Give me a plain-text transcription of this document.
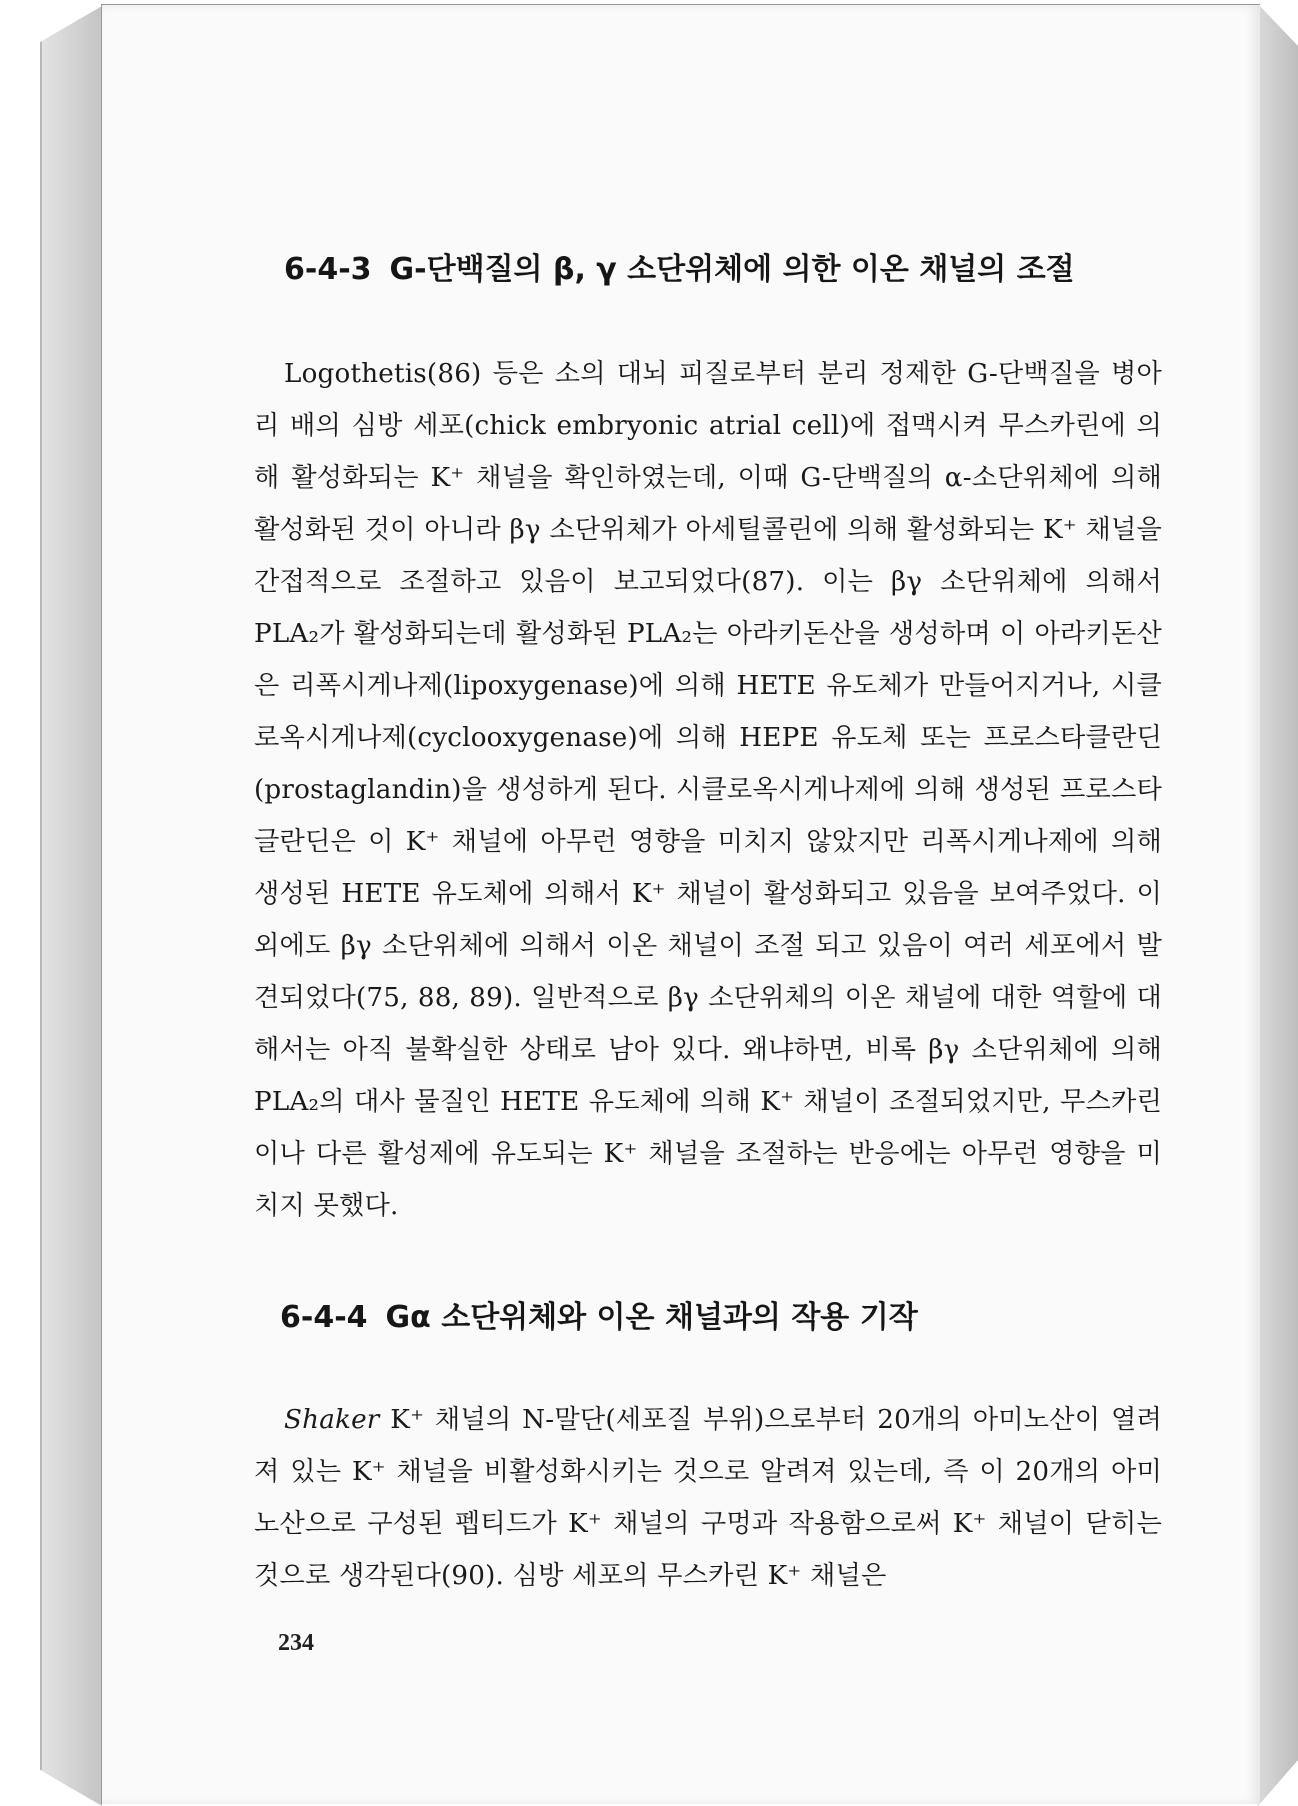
6-4-3 G-단백질의 β, γ 소단위체에 의한 이온 채널의 조절

Logothetis(86) 등은 소의 대뇌 피질로부터 분리 정제한 G-단백질을 병아리 배의 심방 세포(chick embryonic atrial cell)에 접맥시켜 무스카린에 의해 활성화되는 K⁺ 채널을 확인하였는데, 이때 G-단백질의 α-소단위체에 의해 활성화된 것이 아니라 βγ 소단위체가 아세틸콜린에 의해 활성화되는 K⁺ 채널을 간접적으로 조절하고 있음이 보고되었다(87). 이는 βγ 소단위체에 의해서 PLA₂가 활성화되는데 활성화된 PLA₂는 아라키돈산을 생성하며 이 아라키돈산은 리폭시게나제(lipoxygenase)에 의해 HETE 유도체가 만들어지거나, 시클로옥시게나제(cyclooxygenase)에 의해 HEPE 유도체 또는 프로스타클란딘(prostaglandin)을 생성하게 된다. 시클로옥시게나제에 의해 생성된 프로스타글란딘은 이 K⁺ 채널에 아무런 영향을 미치지 않았지만 리폭시게나제에 의해 생성된 HETE 유도체에 의해서 K⁺ 채널이 활성화되고 있음을 보여주었다. 이외에도 βγ 소단위체에 의해서 이온 채널이 조절 되고 있음이 여러 세포에서 발견되었다(75, 88, 89). 일반적으로 βγ 소단위체의 이온 채널에 대한 역할에 대해서는 아직 불확실한 상태로 남아 있다. 왜냐하면, 비록 βγ 소단위체에 의해 PLA₂의 대사 물질인 HETE 유도체에 의해 K⁺ 채널이 조절되었지만, 무스카린이나 다른 활성제에 유도되는 K⁺ 채널을 조절하는 반응에는 아무런 영향을 미치지 못했다.

6-4-4 Gα 소단위체와 이온 채널과의 작용 기작

Shaker K⁺ 채널의 N-말단(세포질 부위)으로부터 20개의 아미노산이 열려져 있는 K⁺ 채널을 비활성화시키는 것으로 알려져 있는데, 즉 이 20개의 아미노산으로 구성된 펩티드가 K⁺ 채널의 구멍과 작용함으로써 K⁺ 채널이 닫히는 것으로 생각된다(90). 심방 세포의 무스카린 K⁺ 채널은

234
